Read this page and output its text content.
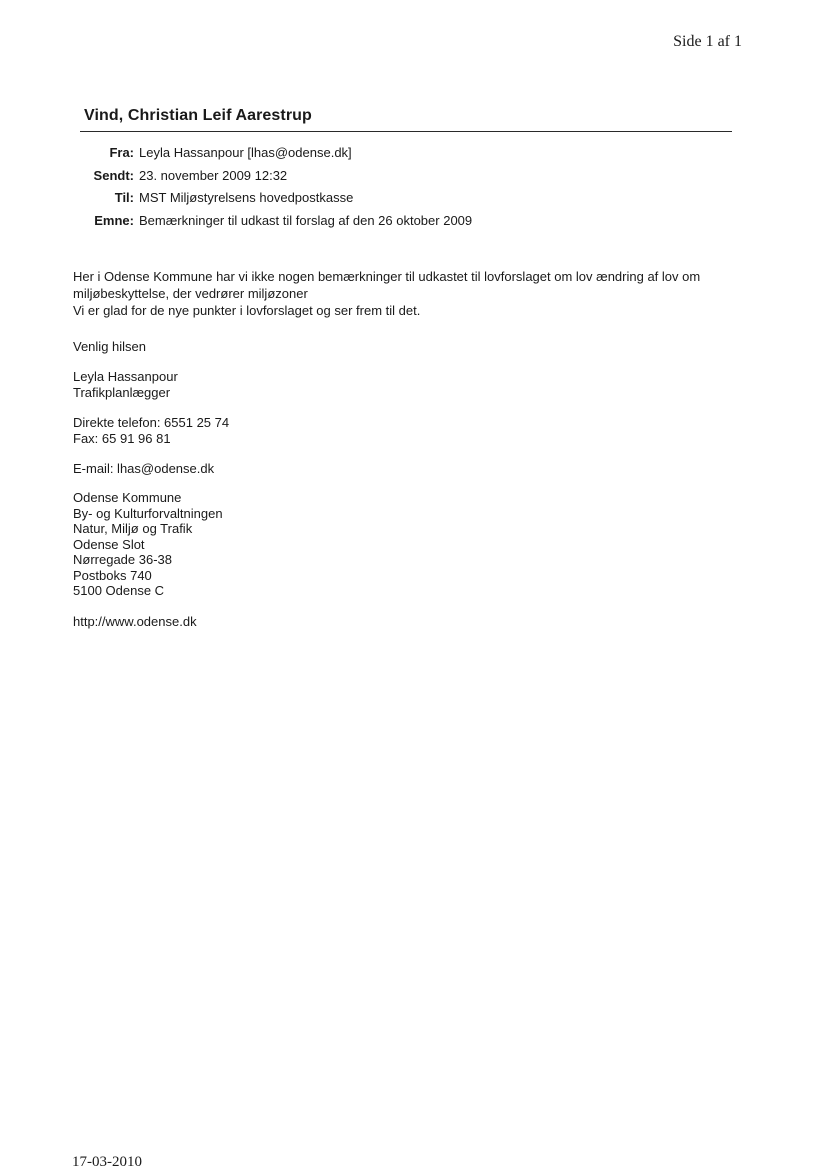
Side 1 af 1
Vind, Christian Leif Aarestrup
Fra: Leyla Hassanpour [lhas@odense.dk]
Sendt: 23. november 2009 12:32
Til: MST Miljøstyrelsens hovedpostkasse
Emne: Bemærkninger til udkast til forslag af den 26 oktober 2009

Her i Odense Kommune har vi ikke nogen bemærkninger til udkastet til lovforslaget om lov ændring af lov om

miljøbeskyttelse, der vedrører miljøzoner

Vi er glad for de nye punkter i lovforslaget og ser frem til det.

Venlig hilsen

Leyla Hassanpour

Trafikplanlægger

Direkte telefon: 6551 25 74

Fax: 65 91 96 81

E-mail: lhas@odense.dk

Odense Kommune

By- og Kulturforvaltningen

Natur, Miljø og Trafik

Odense Slot

Nørregade 36-38

Postboks 740

5100 Odense C

http://www.odense.dk

17-03-2010
